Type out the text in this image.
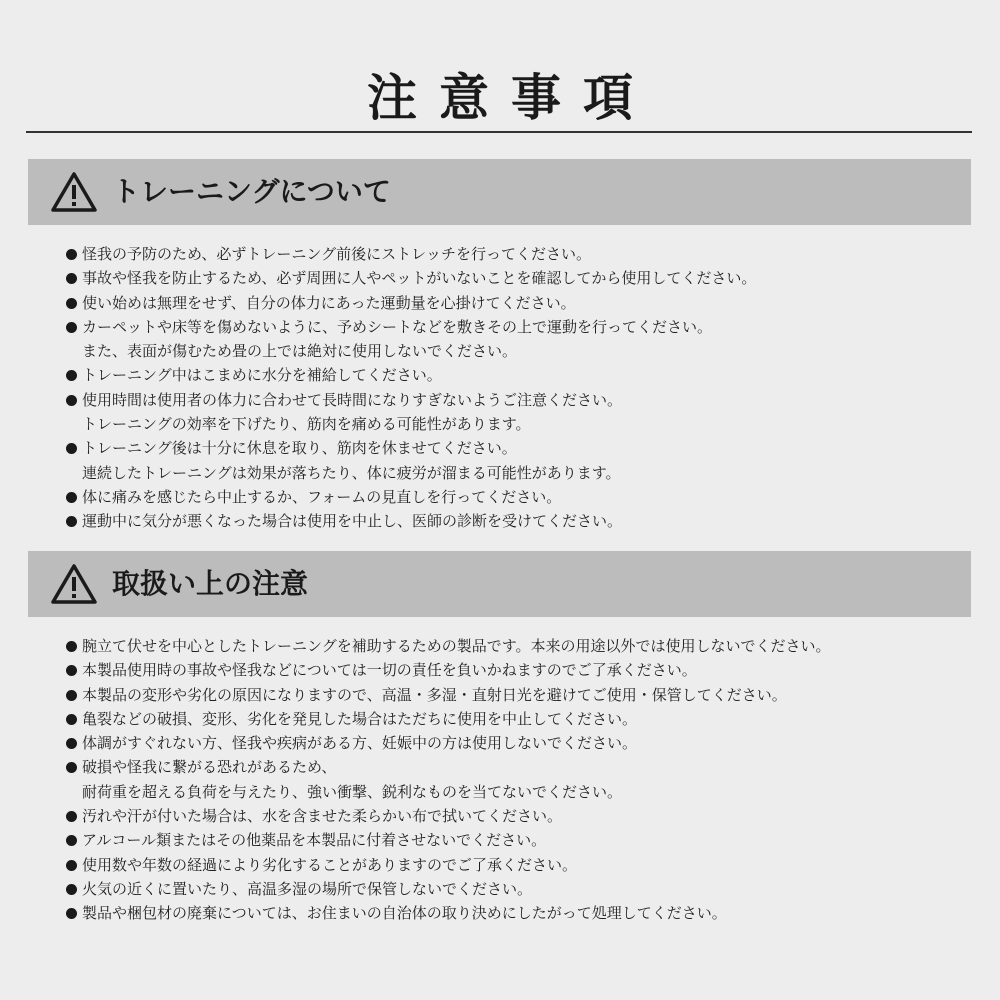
注意事項
トレーニングについて
怪我の予防のため、必ずトレーニング前後にストレッチを行ってください。
事故や怪我を防止するため、必ず周囲に人やペットがいないことを確認してから使用してください。
使い始めは無理をせず、自分の体力にあった運動量を心掛けてください。
カーペットや床等を傷めないように、予めシートなどを敷きその上で運動を行ってください。
また、表面が傷むため畳の上では絶対に使用しないでください。
トレーニング中はこまめに水分を補給してください。
使用時間は使用者の体力に合わせて長時間になりすぎないようご注意ください。
トレーニングの効率を下げたり、筋肉を痛める可能性があります。
トレーニング後は十分に休息を取り、筋肉を休ませてください。
連続したトレーニングは効果が落ちたり、体に疲労が溜まる可能性があります。
体に痛みを感じたら中止するか、フォームの見直しを行ってください。
運動中に気分が悪くなった場合は使用を中止し、医師の診断を受けてください。
取扱い上の注意
腕立て伏せを中心としたトレーニングを補助するための製品です。本来の用途以外では使用しないでください。
本製品使用時の事故や怪我などについては一切の責任を負いかねますのでご了承ください。
本製品の変形や劣化の原因になりますので、高温・多湿・直射日光を避けてご使用・保管してください。
亀裂などの破損、変形、劣化を発見した場合はただちに使用を中止してください。
体調がすぐれない方、怪我や疾病がある方、妊娠中の方は使用しないでください。
破損や怪我に繋がる恐れがあるため、
耐荷重を超える負荷を与えたり、強い衝撃、鋭利なものを当てないでください。
汚れや汗が付いた場合は、水を含ませた柔らかい布で拭いてください。
アルコール類またはその他薬品を本製品に付着させないでください。
使用数や年数の経過により劣化することがありますのでご了承ください。
火気の近くに置いたり、高温多湿の場所で保管しないでください。
製品や梱包材の廃棄については、お住まいの自治体の取り決めにしたがって処理してください。
